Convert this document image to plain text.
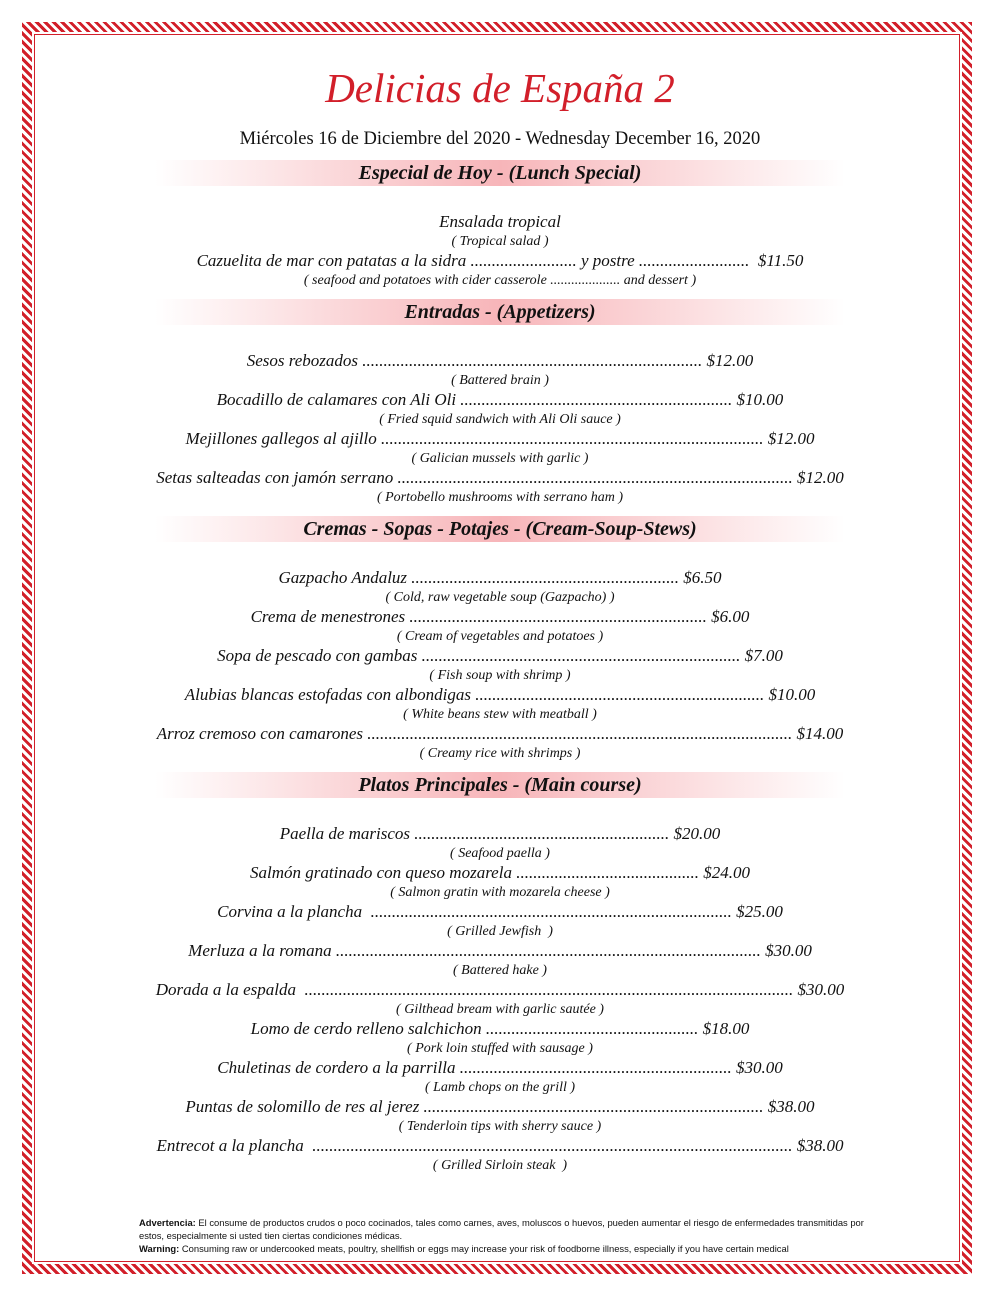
Delicias de España 2
Miércoles 16 de Diciembre del 2020 - Wednesday December 16, 2020
Especial de Hoy - (Lunch Special)
Ensalada tropical
( Tropical salad )
Cazuelita de mar con patatas a la sidra ......................... y postre ..........................  $11.50
( seafood and potatoes with cider casserole .................... and dessert )
Entradas - (Appetizers)
Sesos rebozados ................................................................................ $12.00
( Battered brain )
Bocadillo de calamares con Ali Oli ................................................................ $10.00
( Fried squid sandwich with Ali Oli sauce )
Mejillones gallegos al ajillo .......................................................................................... $12.00
( Galician mussels with garlic )
Setas salteadas con jamón serrano ............................................................................................. $12.00
( Portobello mushrooms with serrano ham )
Cremas - Sopas - Potajes - (Cream-Soup-Stews)
Gazpacho Andaluz ............................................................... $6.50
( Cold, raw vegetable soup (Gazpacho) )
Crema de menestrones ...................................................................... $6.00
( Cream of vegetables and potatoes )
Sopa de pescado con gambas ........................................................................... $7.00
( Fish soup with shrimp )
Alubias blancas estofadas con albondigas .................................................................... $10.00
( White beans stew with meatball )
Arroz cremoso con camarones .................................................................................................... $14.00
( Creamy rice with shrimps )
Platos Principales - (Main course)
Paella de mariscos ............................................................ $20.00
( Seafood paella )
Salmón gratinado con queso mozarela ........................................... $24.00
( Salmon gratin with mozarela cheese )
Corvina a la plancha  ..................................................................................... $25.00
( Grilled Jewfish  )
Merluza a la romana .................................................................................................... $30.00
( Battered hake )
Dorada a la espalda  ................................................................................................................... $30.00
( Gilthead bream with garlic sautée )
Lomo de cerdo relleno salchichon .................................................. $18.00
( Pork loin stuffed with sausage )
Chuletinas de cordero a la parrilla ................................................................ $30.00
( Lamb chops on the grill )
Puntas de solomillo de res al jerez ................................................................................ $38.00
( Tenderloin tips with sherry sauce )
Entrecot a la plancha  ................................................................................................................. $38.00
( Grilled Sirloin steak  )
Advertencia: El consume de productos crudos o poco cocinados, tales como carnes, aves, moluscos o huevos, pueden aumentar el riesgo de enfermedades transmitidas por estos, especialmente si usted tien ciertas condiciones médicas.
Warning: Consuming raw or undercooked meats, poultry, shellfish or eggs may increase your risk of foodborne illness, especially if you have certain medical
